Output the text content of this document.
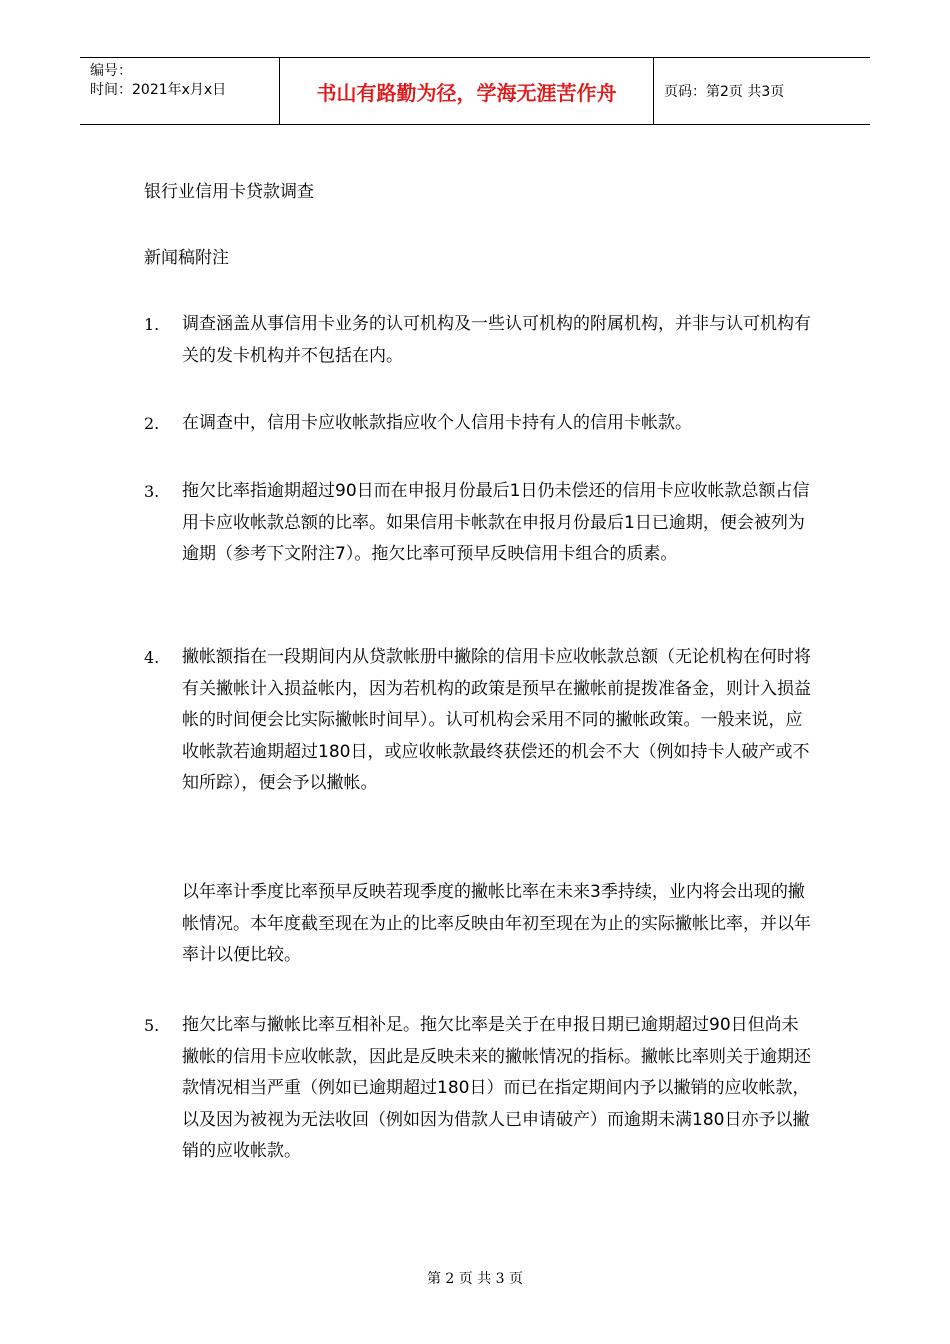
编号：
时间：2021年x月x日	书山有路勤为径，学海无涯苦作舟	页码：第2页 共3页
银行业信用卡贷款调查
新闻稿附注
1. 调查涵盖从事信用卡业务的认可机构及一些认可机构的附属机构，并非与认可机构有关的发卡机构并不包括在内。
2. 在调查中，信用卡应收帐款指应收个人信用卡持有人的信用卡帐款。
3. 拖欠比率指逾期超过90日而在申报月份最后1日仍未偿还的信用卡应收帐款总额占信用卡应收帐款总额的比率。如果信用卡帐款在申报月份最后1日已逾期，便会被列为逾期（参考下文附注7）。拖欠比率可预早反映信用卡组合的质素。
4. 撇帐额指在一段期间内从贷款帐册中撇除的信用卡应收帐款总额（无论机构在何时将有关撇帐计入损益帐内，因为若机构的政策是预早在撇帐前提拨准备金，则计入损益帐的时间便会比实际撇帐时间早）。认可机构会采用不同的撇帐政策。一般来说，应收帐款若逾期超过180日，或应收帐款最终获偿还的机会不大（例如持卡人破产或不知所踪），便会予以撇帐。
以年率计季度比率预早反映若现季度的撇帐比率在未来3季持续，业内将会出现的撇帐情况。本年度截至现在为止的比率反映由年初至现在为止的实际撇帐比率，并以年率计以便比较。
5. 拖欠比率与撇帐比率互相补足。拖欠比率是关于在申报日期已逾期超过90日但尚未撇帐的信用卡应收帐款，因此是反映未来的撇帐情况的指标。撇帐比率则关于逾期还款情况相当严重（例如已逾期超过180日）而已在指定期间内予以撇销的应收帐款，以及因为被视为无法收回（例如因为借款人已申请破产）而逾期未满180日亦予以撇销的应收帐款。
第 2 页 共 3 页
